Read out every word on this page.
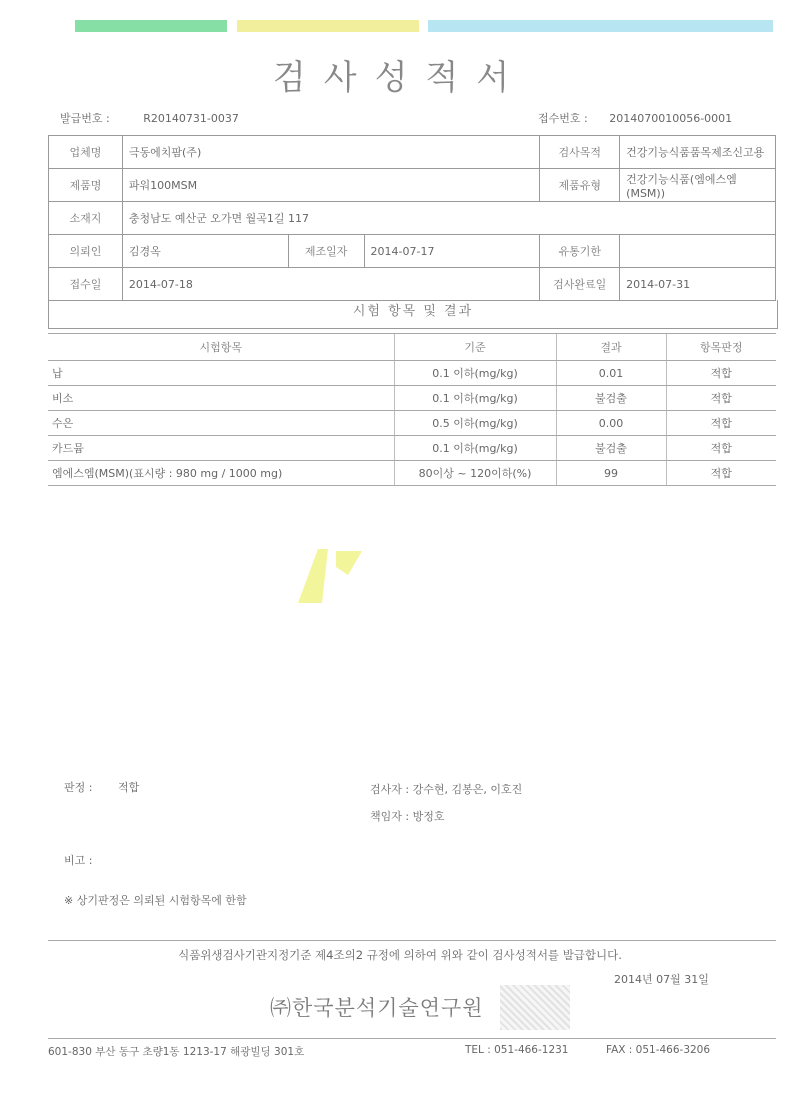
검사성적서
발급번호 :	R20140731-0037	접수번호 : 2014070010056-0001
업체명	극동에치팜(주)			검사목적	건강기능식품품목제조신고용
제품명	파워100MSM			제품유형	건강기능식품(엠에스엠(MSM))
소재지	충청남도 예산군 오가면 월곡1길 117				
의뢰인	김경옥	제조일자	2014-07-17	유통기한	
접수일	2014-07-18			검사완료일	2014-07-31
시험 항목 및 결과
시험항목	기준	결과	항목판정
납	0.1 이하(mg/kg)	0.01	적합
비소	0.1 이하(mg/kg)	불검출	적합
수은	0.5 이하(mg/kg)	0.00	적합
카드뮴	0.1 이하(mg/kg)	불검출	적합
엠에스엠(MSM)(표시량 : 980 mg / 1000 mg)	80이상 ~ 120이하(%)	99	적합
판정 : 적합	검사자 : 강수현, 김봉은, 이호진
책임자 : 방정호
비고 :
※ 상기판정은 의뢰된 시험항목에 한함
식품위생검사기관지정기준 제4조의2 규정에 의하여 위와 같이 검사성적서를 발급합니다.
2014년 07월 31일
㈜한국분석기술연구원
601-830 부산 동구 초량1동 1213-17 해광빌딩 301호	TEL : 051-466-1231	FAX : 051-466-3206
